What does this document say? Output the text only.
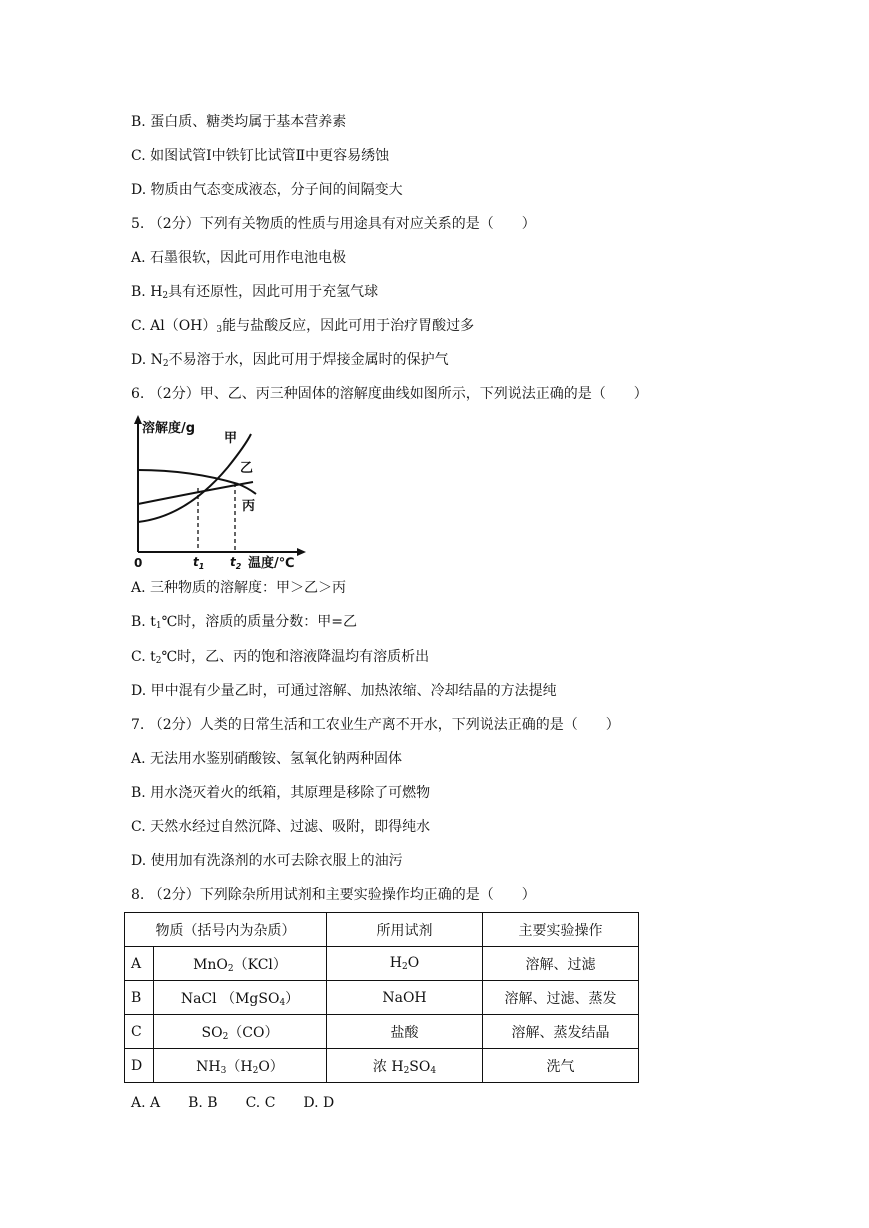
B. 蛋白质、糖类均属于基本营养素
C. 如图试管Ⅰ中铁钉比试管Ⅱ中更容易绣蚀
D. 物质由气态变成液态，分子间的间隔变大
5. （2分）下列有关物质的性质与用途具有对应关系的是（　　）
A. 石墨很软，因此可用作电池电极
B. $H_2$具有还原性，因此可用于充氢气球
C. $Al(OH)_3$能与盐酸反应，因此可用于治疗胃酸过多
D. $N_2$不易溶于水，因此可用于焊接金属时的保护气
6. （2分）甲、乙、丙三种固体的溶解度曲线如图所示，下列说法正确的是（　　）
溶解度/g
甲
乙
丙
0	$t_1$ $t_2$ 温度/℃
A. 三种物质的溶解度：甲＞乙＞丙
B. $t_1℃$时，溶质的质量分数：甲=乙
C. $t_2℃$时，乙、丙的饱和溶液降温均有溶质析出
D. 甲中混有少量乙时，可通过溶解、加热浓缩、冷却结晶的方法提纯
7. （2分）人类的日常生活和工农业生产离不开水，下列说法正确的是（　　）
A. 无法用水鉴别硝酸铵、氢氧化钠两种固体
B. 用水浇灭着火的纸箱，其原理是移除了可燃物
C. 天然水经过自然沉降、过滤、吸附，即得纯水
D. 使用加有洗涤剂的水可去除衣服上的油污
8. （2分）下列除杂所用试剂和主要实验操作均正确的是（　　）
物质（括号内为杂质）		所用试剂	主要实验操作
A	MnO$_2$（KCl）	$H_2O$	溶解、过滤
B	NaCl （MgSO$_4$）	NaOH	溶解、过滤、蒸发
C	$SO_2(CO)$	盐酸	溶解、蒸发结晶
D	$NH_3(H_2O)$	浓 $H_2SO_4$	洗气
A. A　　B. B　　C. C　　D. D
